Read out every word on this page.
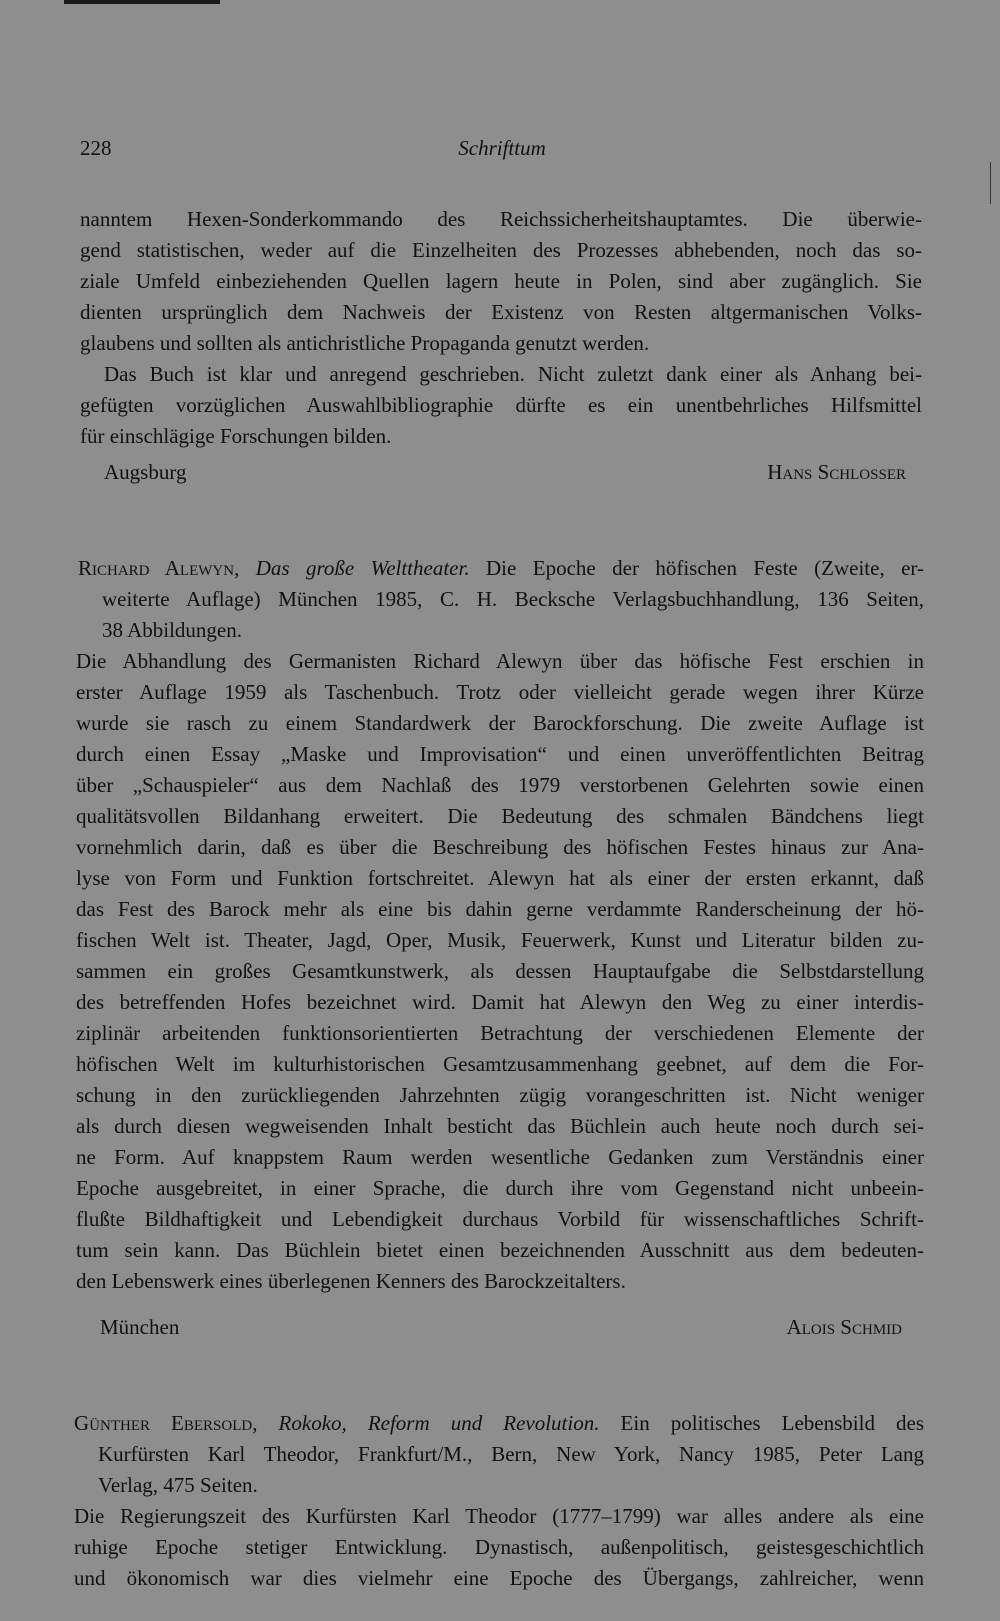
228	Schrifttum
nanntem Hexen-Sonderkommando des Reichssicherheitshauptamtes. Die überwie-
gend statistischen, weder auf die Einzelheiten des Prozesses abhebenden, noch das so-
ziale Umfeld einbeziehenden Quellen lagern heute in Polen, sind aber zugänglich. Sie
dienten ursprünglich dem Nachweis der Existenz von Resten altgermanischen Volks-
glaubens und sollten als antichristliche Propaganda genutzt werden.
Das Buch ist klar und anregend geschrieben. Nicht zuletzt dank einer als Anhang bei-
gefügten vorzüglichen Auswahlbibliographie dürfte es ein unentbehrliches Hilfsmittel
für einschlägige Forschungen bilden.
Augsburg	Hans Schlosser
Richard Alewyn, Das große Welttheater. Die Epoche der höfischen Feste (Zweite, er-
weiterte Auflage) München 1985, C. H. Becksche Verlagsbuchhandlung, 136 Seiten,
38 Abbildungen.
Die Abhandlung des Germanisten Richard Alewyn über das höfische Fest erschien in
erster Auflage 1959 als Taschenbuch. Trotz oder vielleicht gerade wegen ihrer Kürze
wurde sie rasch zu einem Standardwerk der Barockforschung. Die zweite Auflage ist
durch einen Essay „Maske und Improvisation“ und einen unveröffentlichten Beitrag
über „Schauspieler“ aus dem Nachlaß des 1979 verstorbenen Gelehrten sowie einen
qualitätsvollen Bildanhang erweitert. Die Bedeutung des schmalen Bändchens liegt
vornehmlich darin, daß es über die Beschreibung des höfischen Festes hinaus zur Ana-
lyse von Form und Funktion fortschreitet. Alewyn hat als einer der ersten erkannt, daß
das Fest des Barock mehr als eine bis dahin gerne verdammte Randerscheinung der hö-
fischen Welt ist. Theater, Jagd, Oper, Musik, Feuerwerk, Kunst und Literatur bilden zu-
sammen ein großes Gesamtkunstwerk, als dessen Hauptaufgabe die Selbstdarstellung
des betreffenden Hofes bezeichnet wird. Damit hat Alewyn den Weg zu einer interdis-
ziplinär arbeitenden funktionsorientierten Betrachtung der verschiedenen Elemente der
höfischen Welt im kulturhistorischen Gesamtzusammenhang geebnet, auf dem die For-
schung in den zurückliegenden Jahrzehnten zügig vorangeschritten ist. Nicht weniger
als durch diesen wegweisenden Inhalt besticht das Büchlein auch heute noch durch sei-
ne Form. Auf knappstem Raum werden wesentliche Gedanken zum Verständnis einer
Epoche ausgebreitet, in einer Sprache, die durch ihre vom Gegenstand nicht unbeein-
flußte Bildhaftigkeit und Lebendigkeit durchaus Vorbild für wissenschaftliches Schrift-
tum sein kann. Das Büchlein bietet einen bezeichnenden Ausschnitt aus dem bedeuten-
den Lebenswerk eines überlegenen Kenners des Barockzeitalters.
München	Alois Schmid
Günther Ebersold, Rokoko, Reform und Revolution. Ein politisches Lebensbild des
Kurfürsten Karl Theodor, Frankfurt/M., Bern, New York, Nancy 1985, Peter Lang
Verlag, 475 Seiten.
Die Regierungszeit des Kurfürsten Karl Theodor (1777–1799) war alles andere als eine
ruhige Epoche stetiger Entwicklung. Dynastisch, außenpolitisch, geistesgeschichtlich
und ökonomisch war dies vielmehr eine Epoche des Übergangs, zahlreicher, wenn
